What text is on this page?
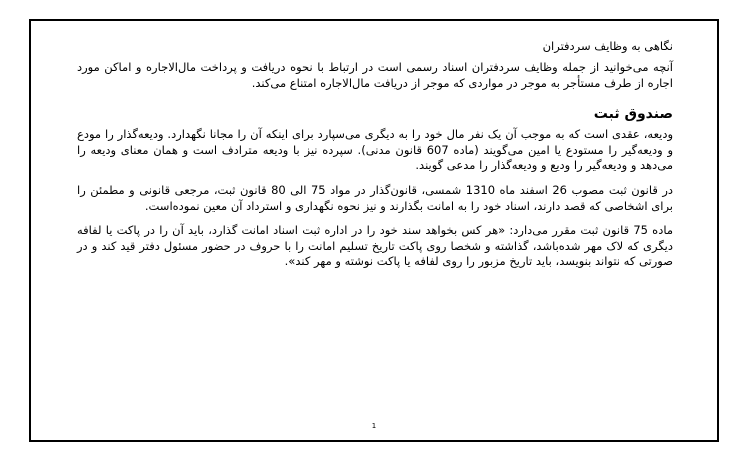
نگاهی به وظایف سردفتران

آنچه می‌خوانید از جمله وظایف سردفتران اسناد رسمی است در ارتباط با نحوه دریافت و پرداخت مال‌الاجاره و اماکن مورد اجاره از طرف مستأجر به موجر در مواردی که موجر از دریافت مال‌الاجاره امتناع می‌کند.

صندوق ثبت

ودیعه، عقدی است که به موجب آن یک نفر مال خود را به دیگری می‌سپارد برای اینکه آن را مجانا نگهدارد. ودیعه‌گذار را مودع و ودیعه‌گیر را مستودع یا امین می‌گویند (ماده 607 قانون مدنی). سپرده نیز با ودیعه مترادف است و همان معنای ودیعه را می‌دهد و ودیعه‌گیر را ودیع و ودیعه‌گذار را مدعی گویند.

در قانون ثبت مصوب 26 اسفند ماه 1310 شمسی، قانون‌گذار در مواد 75 الی 80 قانون ثبت، مرجعی قانونی و مطمئن را برای اشخاصی که قصد دارند، اسناد خود را به امانت بگذارند و نیز نحوه نگهداری و استرداد آن معین نموده‌است.

ماده 75 قانون ثبت مقرر می‌دارد: «هر کس بخواهد سند خود را در اداره ثبت اسناد امانت گذارد، باید آن را در پاکت یا لفافه دیگری که لاک مهر شده‌باشد، گذاشته و شخصا روی پاکت تاریخ تسلیم امانت را با حروف در حضور مسئول دفتر قید کند و در صورتی که نتواند بنویسد، باید تاریخ مزبور را روی لفافه یا پاکت نوشته و مهر کند».

1
